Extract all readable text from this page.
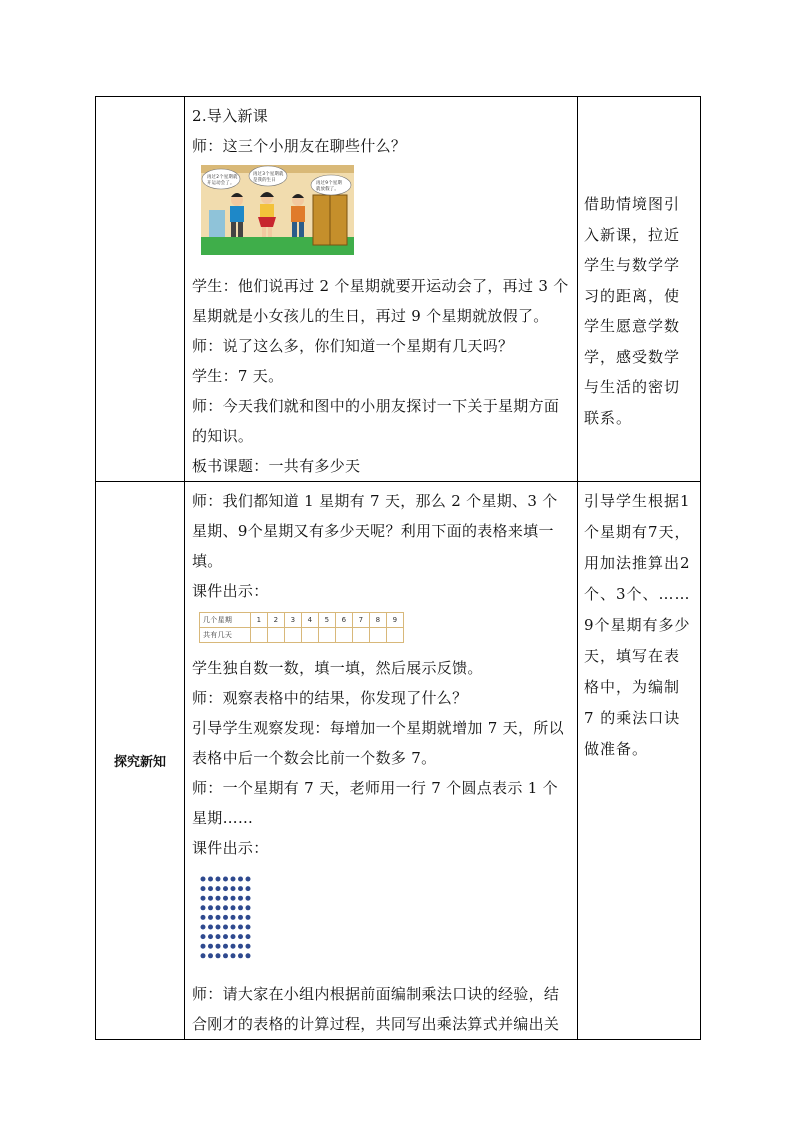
2.导入新课

师：这三个小朋友在聊些什么？

再过2个星期就
开运动会了。
再过3个星期就
是我的生日
再过9个星期
就放假了。

学生：他们说再过 2 个星期就要开运动会了，再过 3 个星期就是小女孩儿的生日，再过 9 个星期就放假了。

师：说了这么多，你们知道一个星期有几天吗？

学生：7 天。

师：今天我们就和图中的小朋友探讨一下关于星期方面的知识。

板书课题：一共有多少天

借助情境图引入新课，拉近学生与数学学习的距离，使学生愿意学数学，感受数学与生活的密切联系。

探究新知	

师：我们都知道 1 星期有 7 天，那么 2 个星期、3 个星期、9个星期又有多少天呢？利用下面的表格来填一填。

课件出示：

几个星期	1	2	3	4	5	6	7	8	9
共有几天									

学生独自数一数，填一填，然后展示反馈。

师：观察表格中的结果，你发现了什么？

引导学生观察发现：每增加一个星期就增加 7 天，所以表格中后一个数会比前一个数多 7。

师：一个星期有 7 天，老师用一行 7 个圆点表示 1 个星期……

课件出示：

师：请大家在小组内根据前面编制乘法口诀的经验，结合刚才的表格的计算过程，共同写出乘法算式并编出关

引导学生根据1个星期有7天，用加法推算出2个、3个、……9个星期有多少天，填写在表格中，为编制 7 的乘法口诀做准备。
